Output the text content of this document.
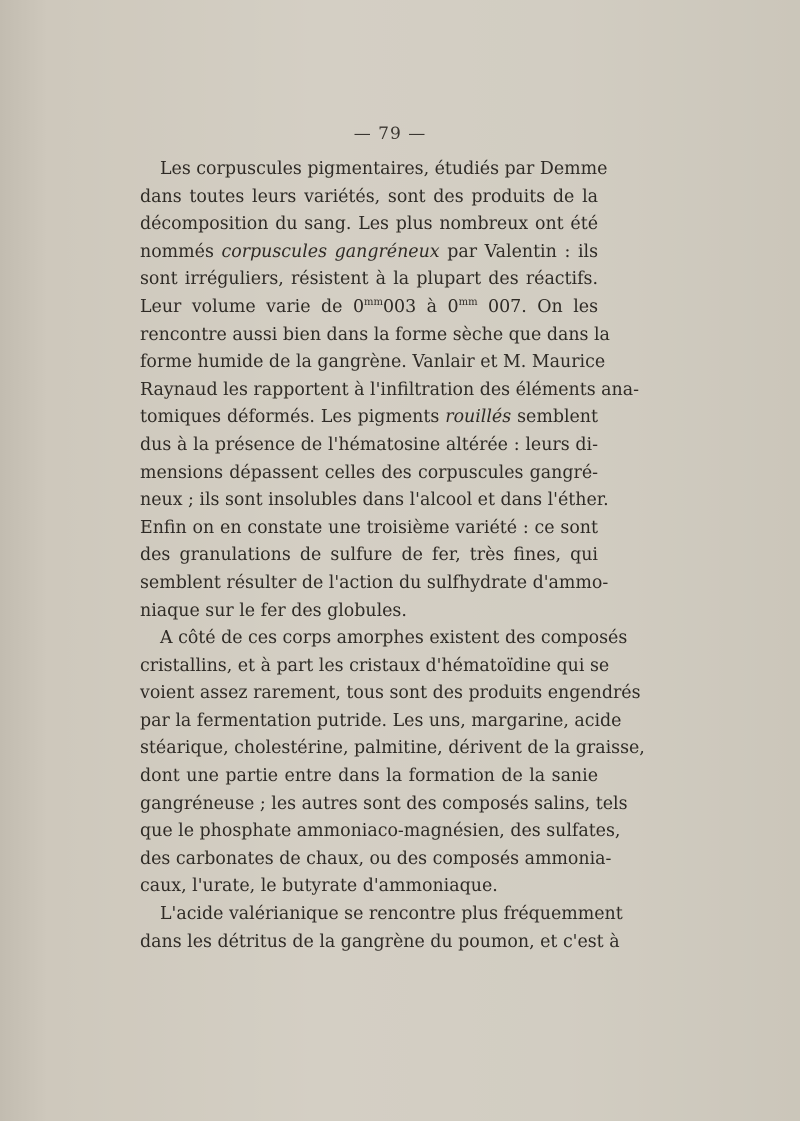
— 79 —
Les corpuscules pigmentaires, étudiés par Demme
dans toutes leurs variétés, sont des produits de la
décomposition du sang. Les plus nombreux ont été
nommés corpuscules gangréneux par Valentin : ils
sont irréguliers, résistent à la plupart des réactifs.
Leur volume varie de $0^{mm}003$ à $0^{mm}$ 007. On les
rencontre aussi bien dans la forme sèche que dans la
forme humide de la gangrène. Vanlair et M. Maurice
Raynaud les rapportent à l'infiltration des éléments ana-
tomiques déformés. Les pigments rouillés semblent
dus à la présence de l'hématosine altérée : leurs di-
mensions dépassent celles des corpuscules gangré-
neux ; ils sont insolubles dans l'alcool et dans l'éther.
Enfin on en constate une troisième variété : ce sont
des granulations de sulfure de fer, très fines, qui
semblent résulter de l'action du sulfhydrate d'ammo-
niaque sur le fer des globules.
A côté de ces corps amorphes existent des composés
cristallins, et à part les cristaux d'hématoïdine qui se
voient assez rarement, tous sont des produits engendrés
par la fermentation putride. Les uns, margarine, acide
stéarique, cholestérine, palmitine, dérivent de la graisse,
dont une partie entre dans la formation de la sanie
gangréneuse ; les autres sont des composés salins, tels
que le phosphate ammoniaco-magnésien, des sulfates,
des carbonates de chaux, ou des composés ammonia-
caux, l'urate, le butyrate d'ammoniaque.
L'acide valérianique se rencontre plus fréquemment
dans les détritus de la gangrène du poumon, et c'est à
